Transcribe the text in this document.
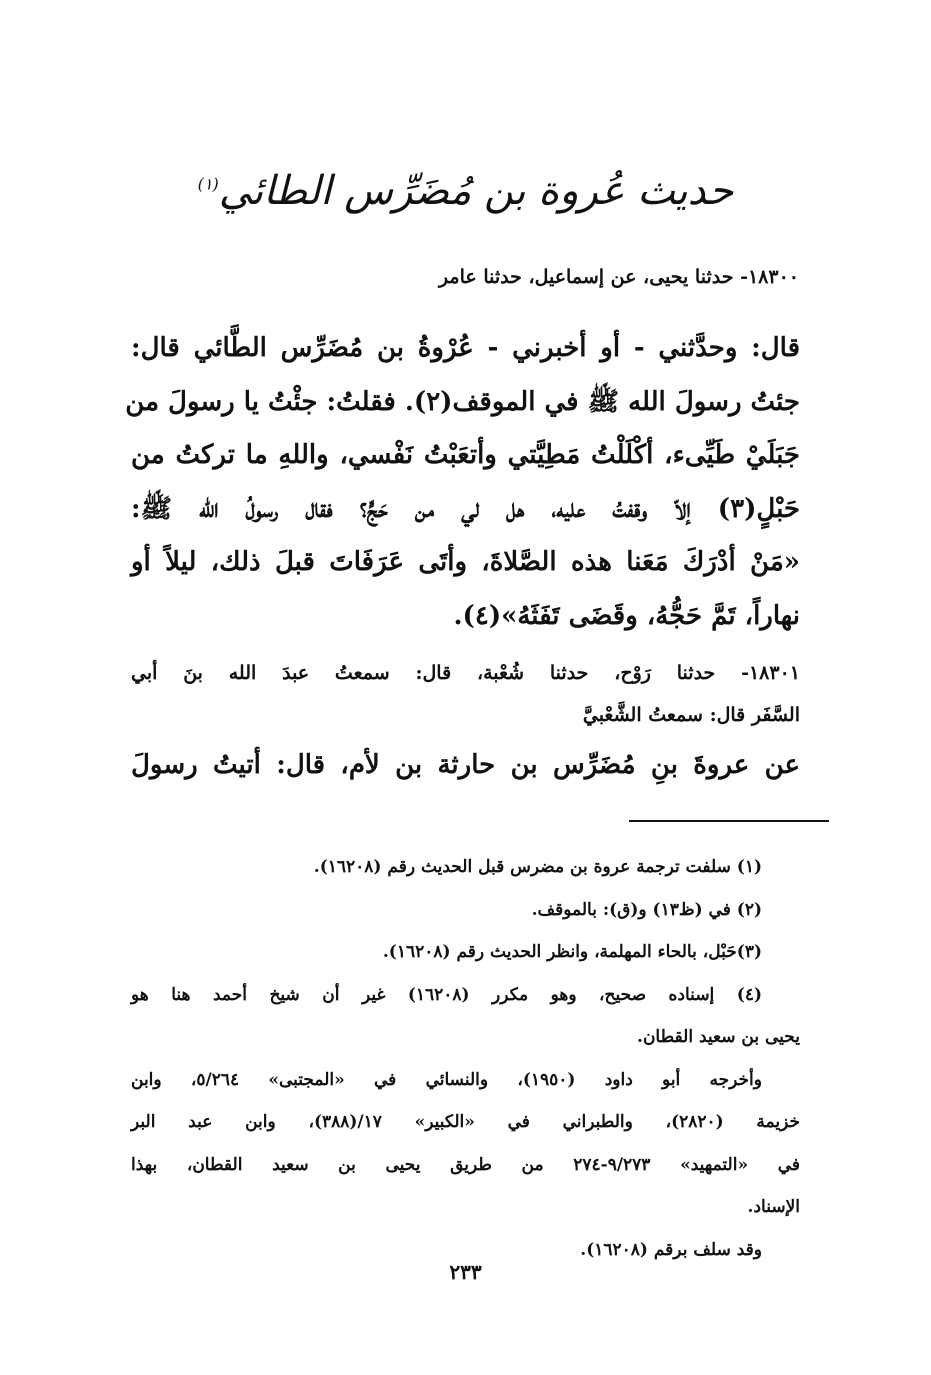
حديث عُروة بن مُضَرِّس الطائي$^{(١)}$
١٨٣٠٠- حدثنا يحيى، عن إسماعيل، حدثنا عامر
قال: وحدَّثني - أو أخبرني - عُرْوةُ بن مُضَرِّس الطَّائي قال:
جئتُ رسولَ الله ﷺ في الموقف(٢). فقلتُ: جئْتُ يا رسولَ من
جَبَلَيْ طَيِّىء، أكْلَلْتُ مَطِيَّتي وأتعَبْتُ نَفْسي، واللهِ ما تركتُ من
حَبْلٍ(٣) إلاّ وقفتُ عليه، هل لي من حَجٍّ؟ فقال رسولُ الله ﷺ:
«مَنْ أدْرَكَ مَعَنا هذه الصَّلاةَ، وأتَى عَرَفَاتَ قبلَ ذلك، ليلاً أو
نهاراً، تَمَّ حَجُّهُ، وقَضَى تَفَثَهُ»(٤).
١٨٣٠١- حدثنا رَوْح، حدثنا شُعْبة، قال: سمعتُ عبدَ الله بنَ أبي
السَّفَر قال: سمعتُ الشَّعْبيَّ
عن عروةَ بنِ مُضَرِّس بن حارثة بن لأم، قال: أتيتُ رسولَ
(١) سلفت ترجمة عروة بن مضرس قبل الحديث رقم (١٦٢٠٨).
(٢) في (ظ١٣) و(ق): بالموقف.
(٣)حَبْل، بالحاء المهلمة، وانظر الحديث رقم (١٦٢٠٨).
(٤) إسناده صحيح، وهو مكرر (١٦٢٠٨) غير أن شيخ أحمد هنا هو
يحيى بن سعيد القطان.
وأخرجه أبو داود (١٩٥٠)، والنسائي في «المجتبى» ٥/٢٦٤، وابن
خزيمة (٢٨٢٠)، والطبراني في «الكبير» ١٧/(٣٨٨)، وابن عبد البر
في «التمهيد» ٩/٢٧٣-٢٧٤ من طريق يحيى بن سعيد القطان، بهذا
الإسناد.
وقد سلف برقم (١٦٢٠٨).
٢٣٣
